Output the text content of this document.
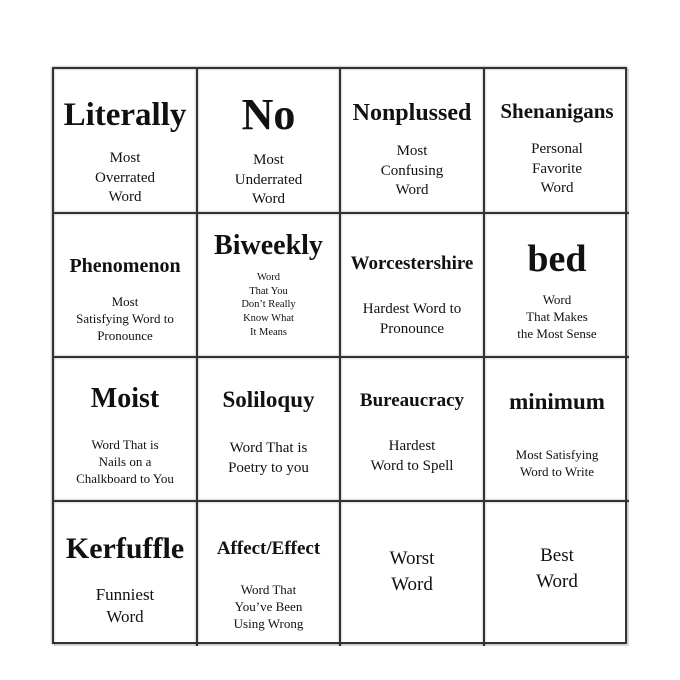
Literally
Most
Overrated
Word
No
Most
Underrated
Word
Nonplussed
Most
Confusing
Word
Shenanigans
Personal
Favorite
Word
Phenomenon
Most
Satisfying Word to
Pronounce
Biweekly
Word
That You
Don’t Really
Know What
It Means
Worcestershire
Hardest Word to
Pronounce
bed
Word
That Makes
the Most Sense
Moist
Word That is
Nails on a
Chalkboard to You
Soliloquy
Word That is
Poetry to you
Bureaucracy
Hardest
Word to Spell
minimum
Most Satisfying
Word to Write
Kerfuffle
Funniest
Word
Affect/Effect
Word That
You’ve Been
Using Wrong
Worst
Word
Best
Word
